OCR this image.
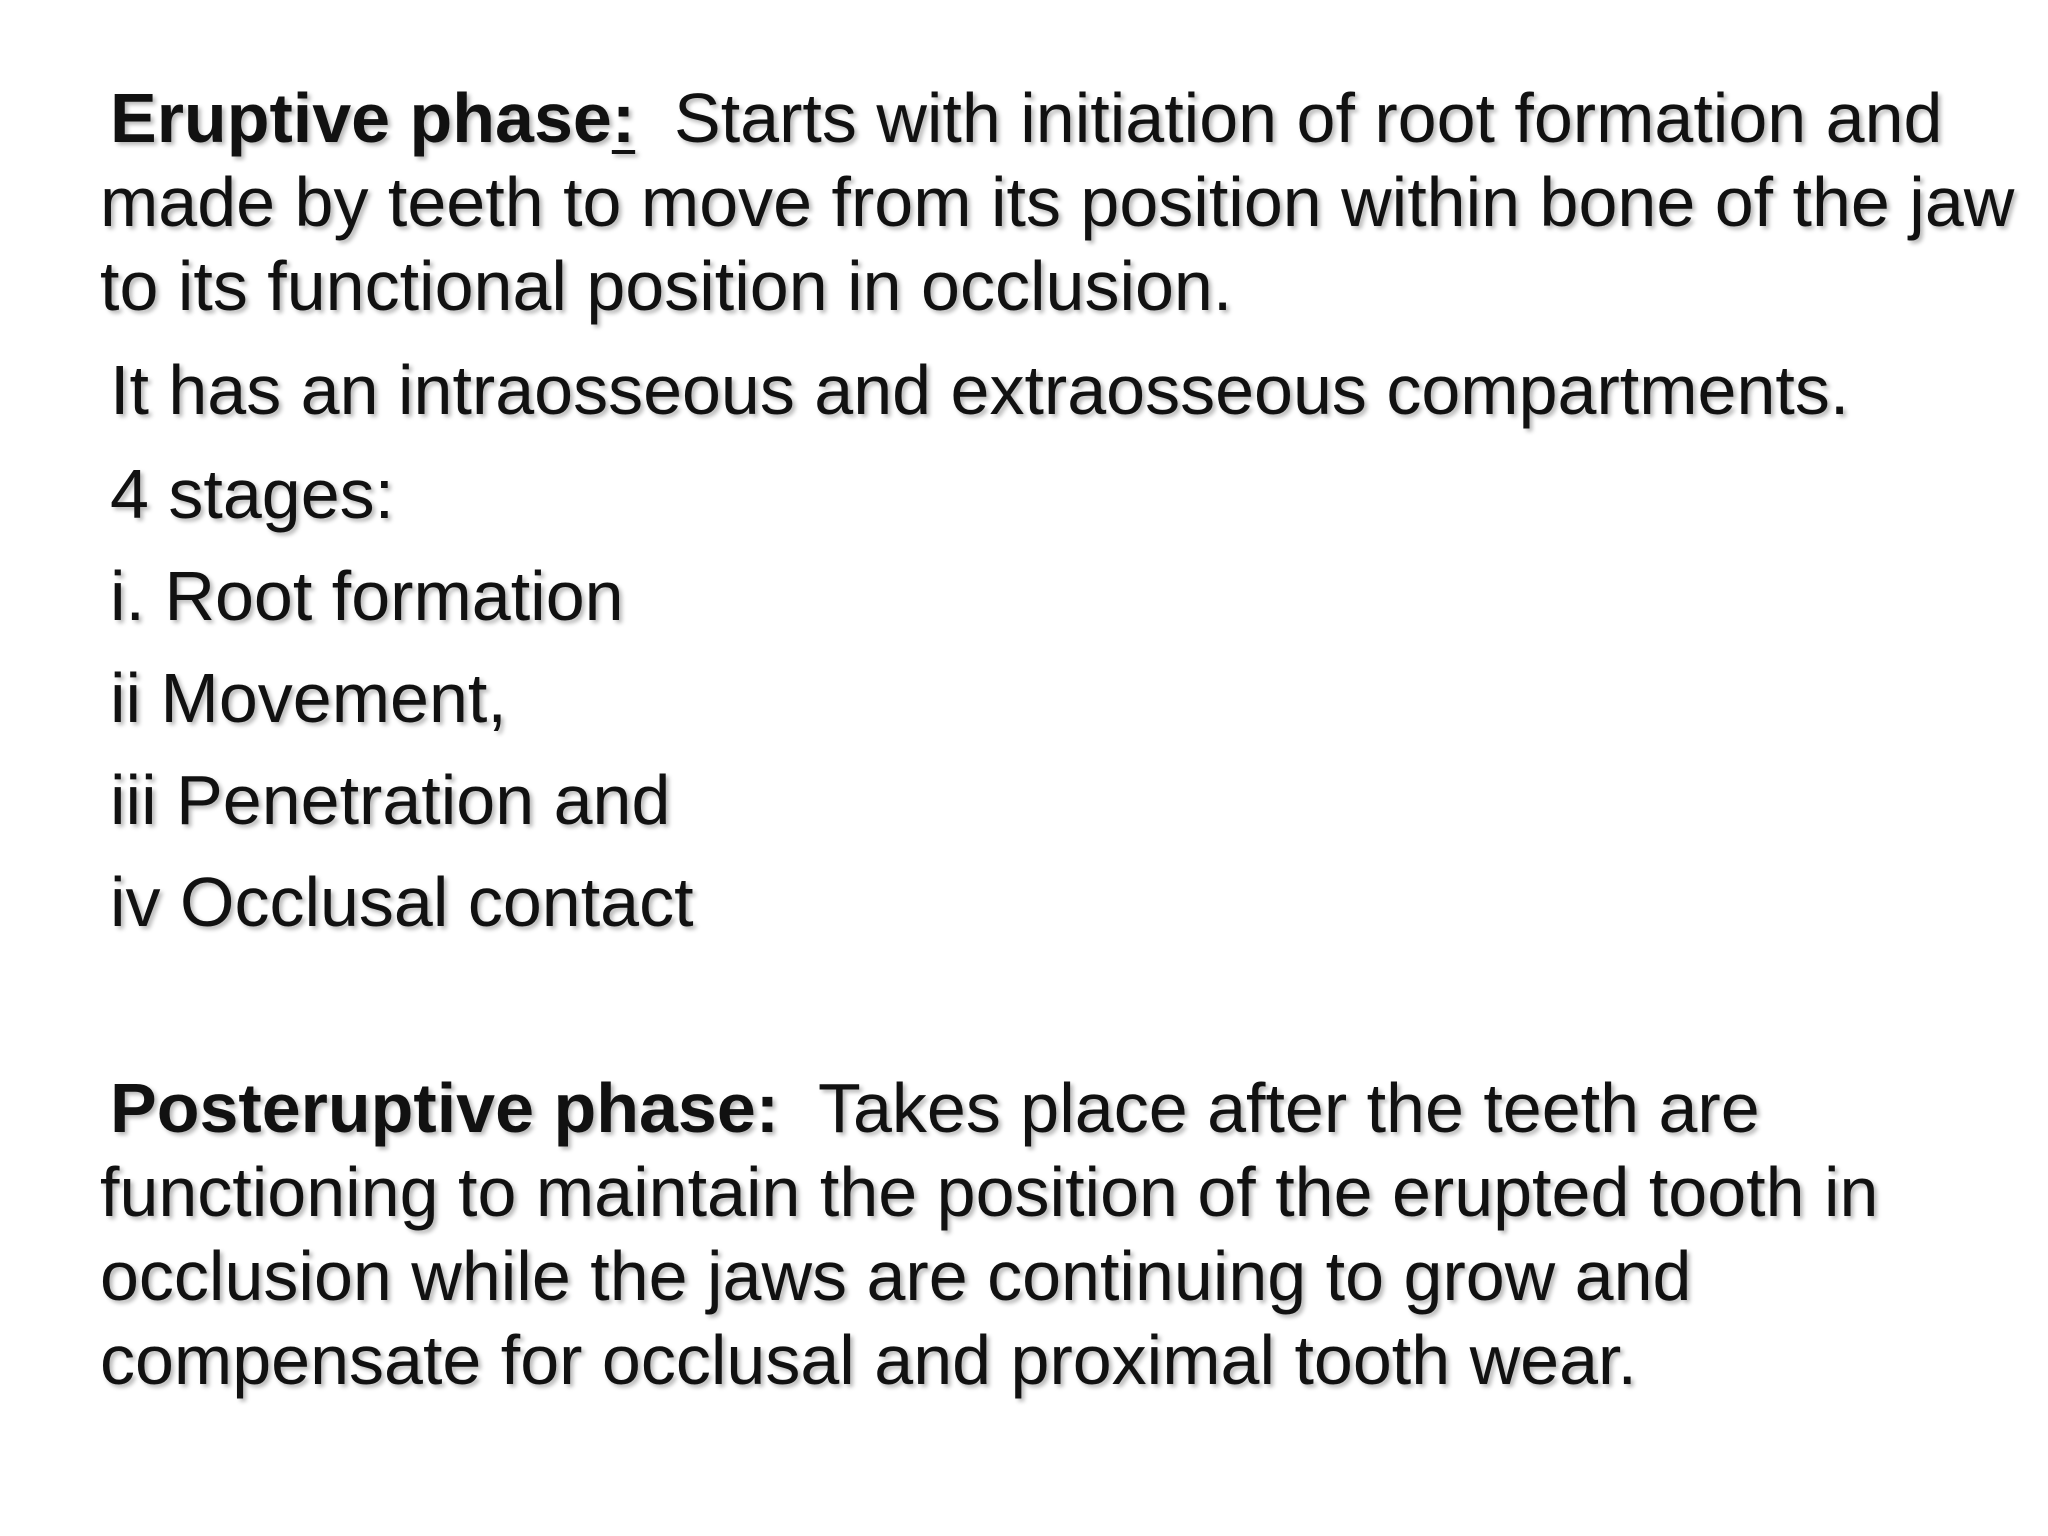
Eruptive phase: Starts with initiation of root formation and made by teeth to move from its position within bone of the jaw to its functional position in occlusion.
It has an intraosseous and extraosseous compartments.
4 stages:
i. Root formation
ii Movement,
iii Penetration and
iv Occlusal contact
Posteruptive phase: Takes place after the teeth are functioning to maintain the position of the erupted tooth in occlusion while the jaws are continuing to grow and compensate for occlusal and proximal tooth wear.
